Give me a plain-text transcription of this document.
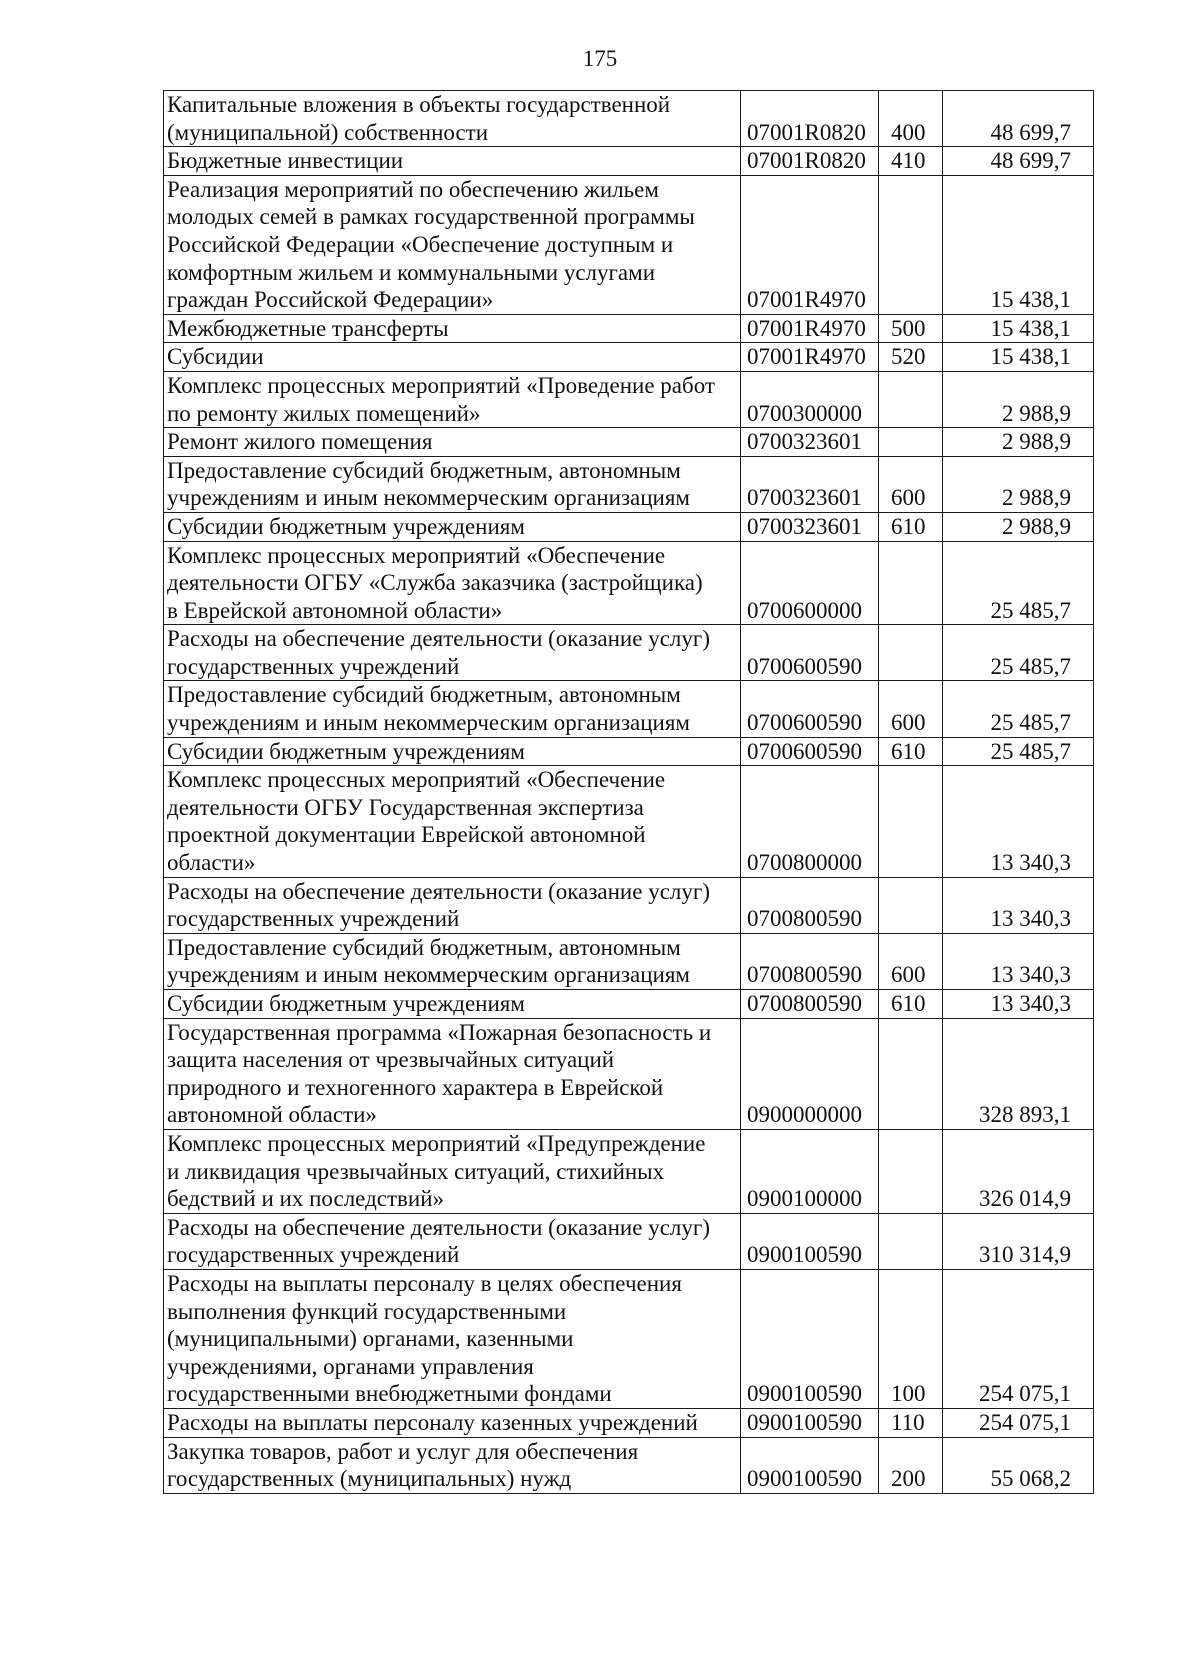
175
Капитальные вложения в объекты государственной
(муниципальной) собственности	07001R0820	400	48 699,7
Бюджетные инвестиции	07001R0820	410	48 699,7
Реализация мероприятий по обеспечению жильем
молодых семей в рамках государственной программы
Российской Федерации «Обеспечение доступным и
комфортным жильем и коммунальными услугами
граждан Российской Федерации»	07001R4970		15 438,1
Межбюджетные трансферты	07001R4970	500	15 438,1
Субсидии	07001R4970	520	15 438,1
Комплекс процессных мероприятий «Проведение работ
по ремонту жилых помещений»	0700300000		2 988,9
Ремонт жилого помещения	0700323601		2 988,9
Предоставление субсидий бюджетным, автономным
учреждениям и иным некоммерческим организациям	0700323601	600	2 988,9
Субсидии бюджетным учреждениям	0700323601	610	2 988,9
Комплекс процессных мероприятий «Обеспечение
деятельности ОГБУ «Служба заказчика (застройщика)
в Еврейской автономной области»	0700600000		25 485,7
Расходы на обеспечение деятельности (оказание услуг)
государственных учреждений	0700600590		25 485,7
Предоставление субсидий бюджетным, автономным
учреждениям и иным некоммерческим организациям	0700600590	600	25 485,7
Субсидии бюджетным учреждениям	0700600590	610	25 485,7
Комплекс процессных мероприятий «Обеспечение
деятельности ОГБУ Государственная экспертиза
проектной документации Еврейской автономной
области»	0700800000		13 340,3
Расходы на обеспечение деятельности (оказание услуг)
государственных учреждений	0700800590		13 340,3
Предоставление субсидий бюджетным, автономным
учреждениям и иным некоммерческим организациям	0700800590	600	13 340,3
Субсидии бюджетным учреждениям	0700800590	610	13 340,3
Государственная программа «Пожарная безопасность и
защита населения от чрезвычайных ситуаций
природного и техногенного характера в Еврейской
автономной области»	0900000000		328 893,1
Комплекс процессных мероприятий «Предупреждение
и ликвидация чрезвычайных ситуаций, стихийных
бедствий и их последствий»	0900100000		326 014,9
Расходы на обеспечение деятельности (оказание услуг)
государственных учреждений	0900100590		310 314,9
Расходы на выплаты персоналу в целях обеспечения
выполнения функций государственными
(муниципальными) органами, казенными
учреждениями, органами управления
государственными внебюджетными фондами	0900100590	100	254 075,1
Расходы на выплаты персоналу казенных учреждений	0900100590	110	254 075,1
Закупка товаров, работ и услуг для обеспечения
государственных (муниципальных) нужд	0900100590	200	55 068,2
